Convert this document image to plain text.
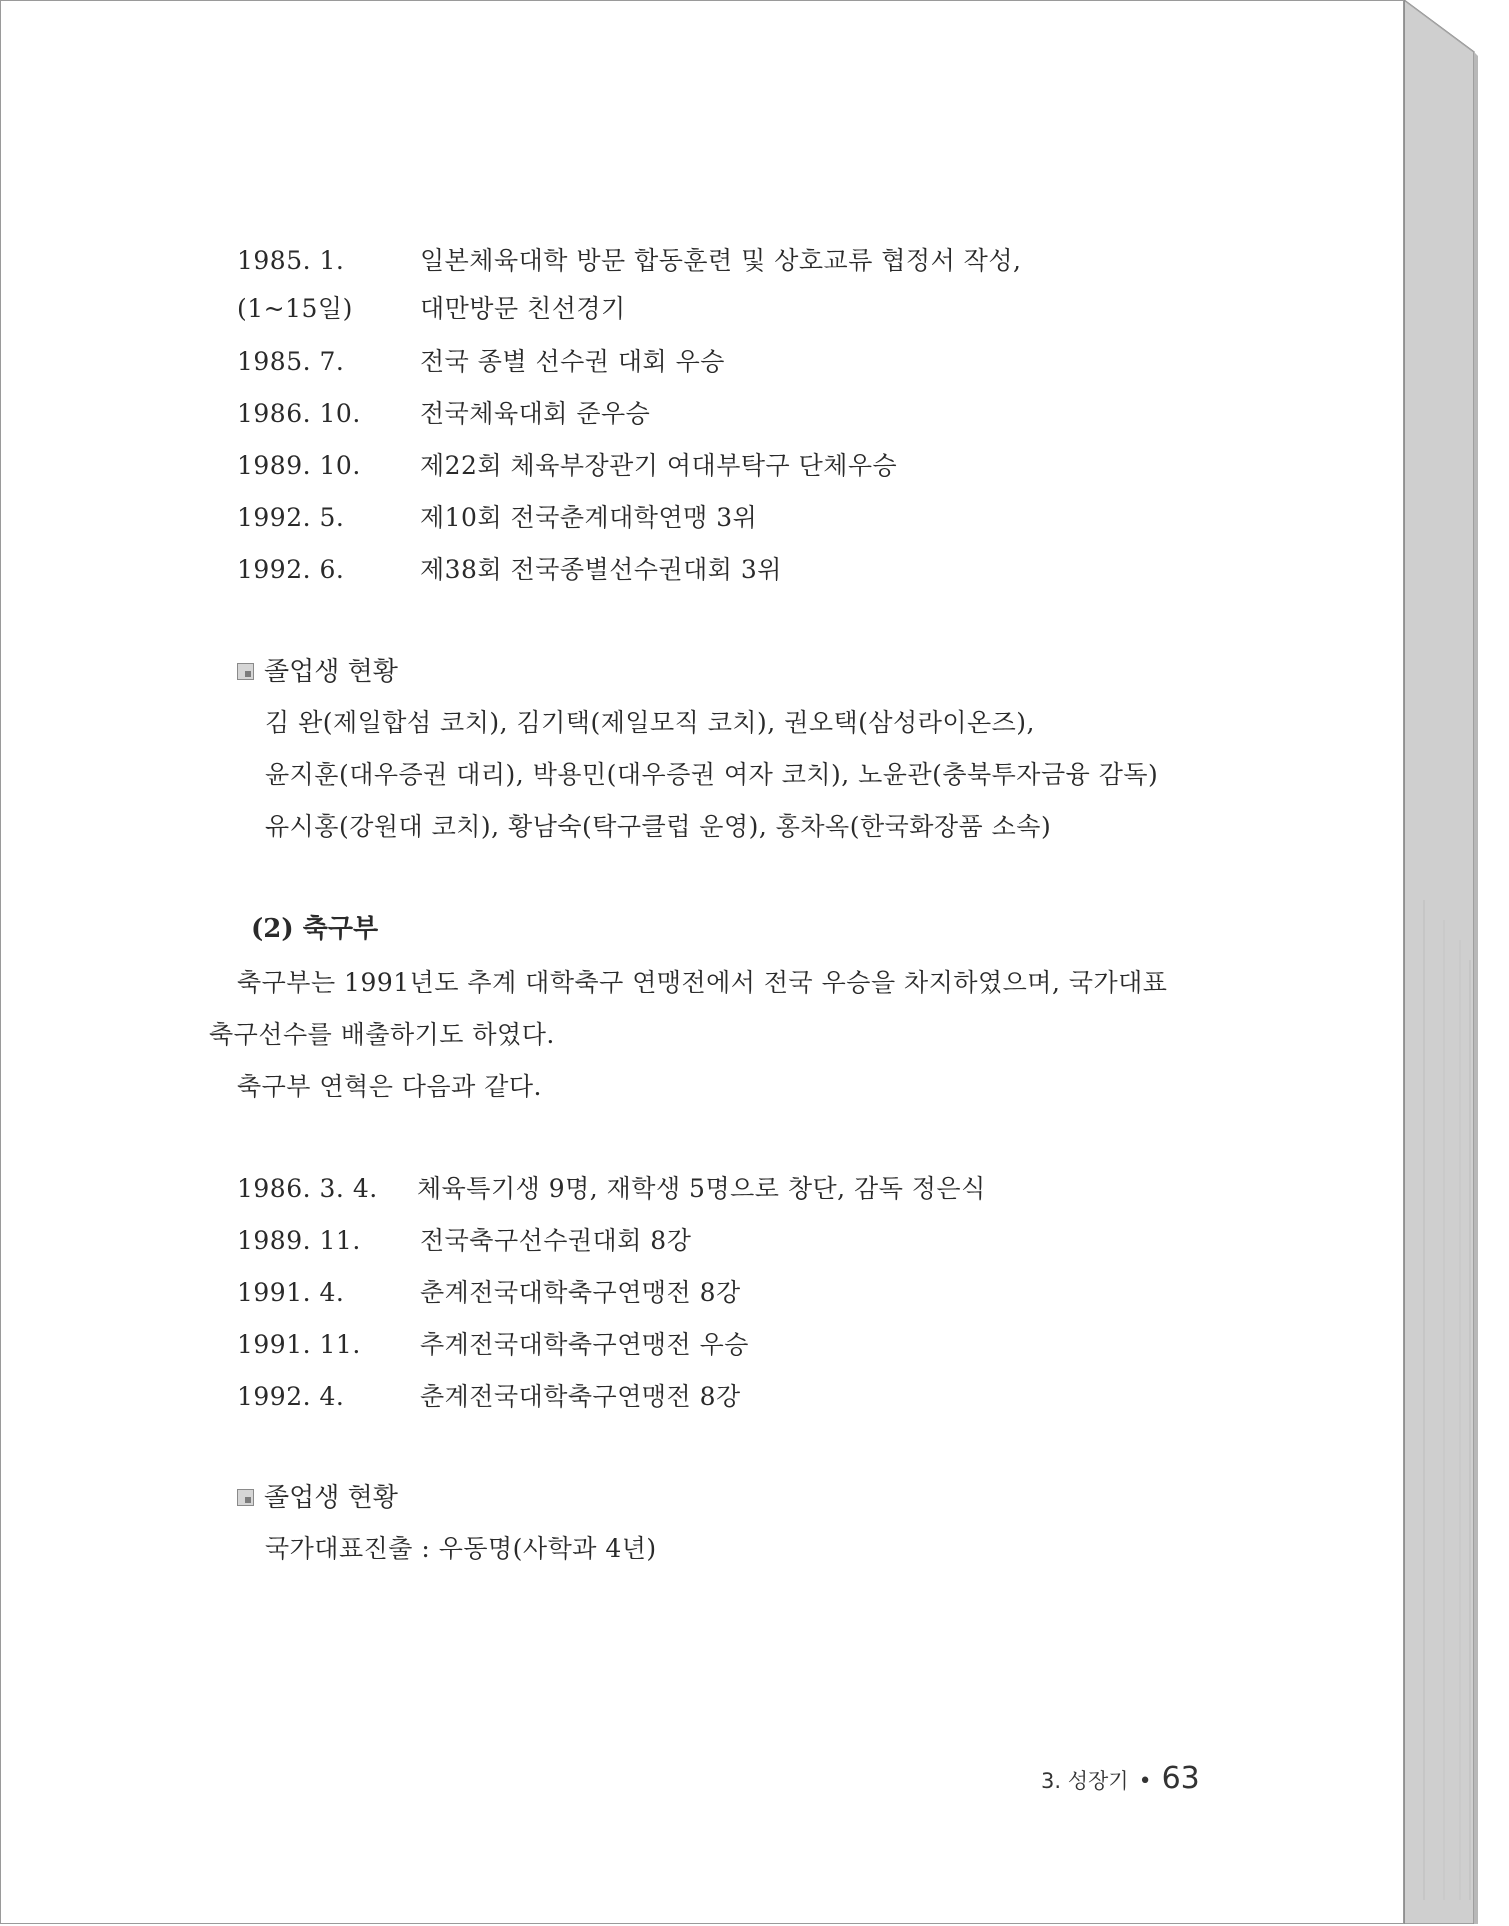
1985. 1.	일본체육대학 방문 합동훈련 및 상호교류 협정서 작성,
(1~15일)	대만방문 친선경기
1985. 7.	전국 종별 선수권 대회 우승
1986. 10. 전국체육대회 준우승
1989. 10. 제22회 체육부장관기 여대부탁구 단체우승
1992. 5.	제10회 전국춘계대학연맹 3위
1992. 6.	제38회 전국종별선수권대회 3위
졸업생 현황
김 완(제일합섬 코치), 김기택(제일모직 코치), 권오택(삼성라이온즈),
윤지훈(대우증권 대리), 박용민(대우증권 여자 코치), 노윤관(충북투자금융 감독)
유시홍(강원대 코치), 황남숙(탁구클럽 운영), 홍차옥(한국화장품 소속)
(2) 축구부
축구부는 1991년도 추계 대학축구 연맹전에서 전국 우승을 차지하였으며, 국가대표
축구선수를 배출하기도 하였다.
축구부 연혁은 다음과 같다.
1986. 3. 4. 체육특기생 9명, 재학생 5명으로 창단, 감독 정은식
1989. 11. 전국축구선수권대회 8강
1991. 4.	춘계전국대학축구연맹전 8강
1991. 11. 추계전국대학축구연맹전 우승
1992. 4.	춘계전국대학축구연맹전 8강
졸업생 현황
국가대표진출 : 우동명(사학과 4년)
3. 성장기 • 63
